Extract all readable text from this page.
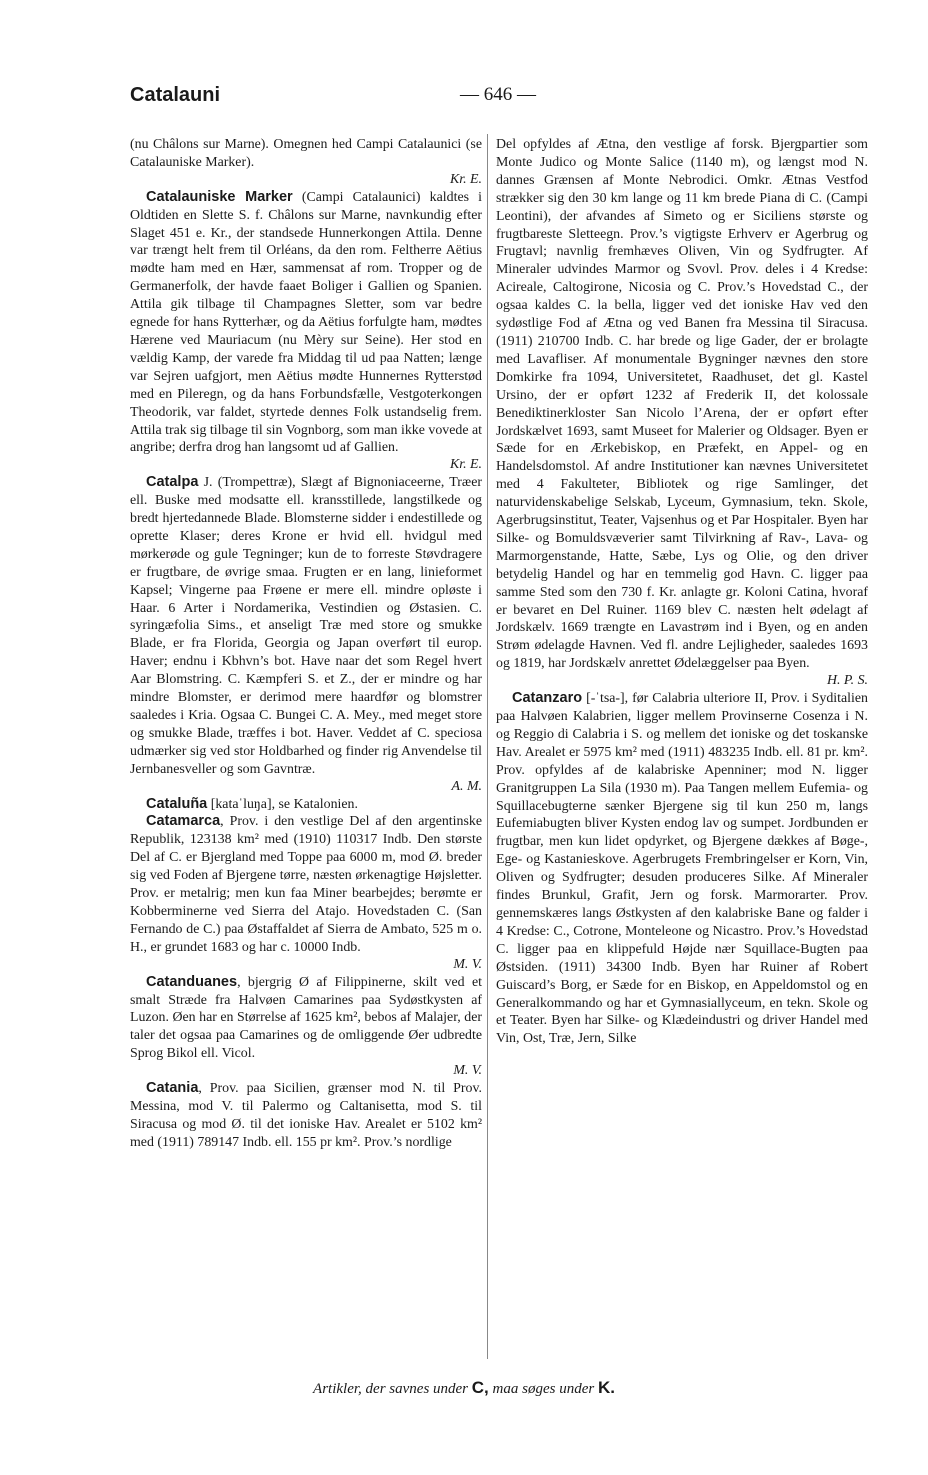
Catalauni	— 646 —

(nu Châlons sur Marne). Omegnen hed Campi Catalaunici (se Catalauniske Marker).
Kr. E.

Catalauniske Marker (Campi Catalaunici) kaldtes i Oldtiden en Slette S. f. Châlons sur Marne, navnkundig efter Slaget 451 e. Kr., der standsede Hunnerkongen Attila. Denne var trængt helt frem til Orléans, da den rom. Feltherre Aëtius mødte ham med en Hær, sammensat af rom. Tropper og de Germanerfolk, der havde faaet Boliger i Gallien og Spanien. Attila gik tilbage til Champagnes Sletter, som var bedre egnede for hans Rytterhær, og da Aëtius forfulgte ham, mødtes Hærene ved Mauriacum (nu Mèry sur Seine). Her stod en vældig Kamp, der varede fra Middag til ud paa Natten; længe var Sejren uafgjort, men Aëtius mødte Hunnernes Rytterstød med en Pileregn, og da hans Forbundsfælle, Vestgoterkongen Theodorik, var faldet, styrtede dennes Folk ustandselig frem. Attila trak sig tilbage til sin Vognborg, som man ikke vovede at angribe; derfra drog han langsomt ud af Gallien.
Kr. E.

Catalpa J. (Trompettræ), Slægt af Bignoniaceerne, Træer ell. Buske med modsatte ell. kransstillede, langstilkede og bredt hjertedannede Blade. Blomsterne sidder i endestillede og oprette Klaser; deres Krone er hvid ell. hvidgul med mørkerøde og gule Tegninger; kun de to forreste Støvdragere er frugtbare, de øvrige smaa. Frugten er en lang, linieformet Kapsel; Vingerne paa Frøene er mere ell. mindre opløste i Haar. 6 Arter i Nordamerika, Vestindien og Østasien. C. syringæfolia Sims., et anseligt Træ med store og smukke Blade, er fra Florida, Georgia og Japan overført til europ. Haver; endnu i Kbhvn’s bot. Have naar det som Regel hvert Aar Blomstring. C. Kæmpferi S. et Z., der er mindre og har mindre Blomster, er derimod mere haardfør og blomstrer saaledes i Kria. Ogsaa C. Bungei C. A. Mey., med meget store og smukke Blade, træffes i bot. Haver. Veddet af C. speciosa udmærker sig ved stor Holdbarhed og finder rig Anvendelse til Jernbanesveller og som Gavntræ.
A. M.

Cataluña [kataˈluŋa], se Katalonien.

Catamarca, Prov. i den vestlige Del af den argentinske Republik, 123138 km² med (1910) 110317 Indb. Den største Del af C. er Bjergland med Toppe paa 6000 m, mod Ø. breder sig ved Foden af Bjergene tørre, næsten ørkenagtige Højsletter. Prov. er metalrig; men kun faa Miner bearbejdes; berømte er Kobberminerne ved Sierra del Atajo. Hovedstaden C. (San Fernando de C.) paa Østaffaldet af Sierra de Ambato, 525 m o. H., er grundet 1683 og har c. 10000 Indb.
M. V.

Catanduanes, bjergrig Ø af Filippinerne, skilt ved et smalt Stræde fra Halvøen Camarines paa Sydøstkysten af Luzon. Øen har en Størrelse af 1625 km², bebos af Malajer, der taler det ogsaa paa Camarines og de omliggende Øer udbredte Sprog Bikol ell. Vicol.
M. V.

Catania, Prov. paa Sicilien, grænser mod N. til Prov. Messina, mod V. til Palermo og Caltanisetta, mod S. til Siracusa og mod Ø. til det ioniske Hav. Arealet er 5102 km² med (1911) 789147 Indb. ell. 155 pr km². Prov.’s nordlige

Del opfyldes af Ætna, den vestlige af forsk. Bjergpartier som Monte Judico og Monte Salice (1140 m), og længst mod N. dannes Grænsen af Monte Nebrodici. Omkr. Ætnas Vestfod strækker sig den 30 km lange og 11 km brede Piana di C. (Campi Leontini), der afvandes af Simeto og er Siciliens største og frugtbareste Sletteegn. Prov.’s vigtigste Erhverv er Agerbrug og Frugtavl; navnlig fremhæves Oliven, Vin og Sydfrugter. Af Mineraler udvindes Marmor og Svovl. Prov. deles i 4 Kredse: Acireale, Caltogirone, Nicosia og C. Prov.’s Hovedstad C., der ogsaa kaldes C. la bella, ligger ved det ioniske Hav ved den sydøstlige Fod af Ætna og ved Banen fra Messina til Siracusa. (1911) 210700 Indb. C. har brede og lige Gader, der er brolagte med Lavafliser. Af monumentale Bygninger nævnes den store Domkirke fra 1094, Universitetet, Raadhuset, det gl. Kastel Ursino, der er opført 1232 af Frederik II, det kolossale Benediktinerkloster San Nicolo l’Arena, der er opført efter Jordskælvet 1693, samt Museet for Malerier og Oldsager. Byen er Sæde for en Ærkebiskop, en Præfekt, en Appel- og en Handelsdomstol. Af andre Institutioner kan nævnes Universitetet med 4 Fakulteter, Bibliotek og rige Samlinger, det naturvidenskabelige Selskab, Lyceum, Gymnasium, tekn. Skole, Agerbrugsinstitut, Teater, Vajsenhus og et Par Hospitaler. Byen har Silke- og Bomuldsvæverier samt Tilvirkning af Rav-, Lava- og Marmorgenstande, Hatte, Sæbe, Lys og Olie, og den driver betydelig Handel og har en temmelig god Havn. C. ligger paa samme Sted som den 730 f. Kr. anlagte gr. Koloni Catina, hvoraf er bevaret en Del Ruiner. 1169 blev C. næsten helt ødelagt af Jordskælv. 1669 trængte en Lavastrøm ind i Byen, og en anden Strøm ødelagde Havnen. Ved fl. andre Lejligheder, saaledes 1693 og 1819, har Jordskælv anrettet Ødelæggelser paa Byen.
H. P. S.

Catanzaro [-ˈtsa-], før Calabria ulteriore II, Prov. i Syditalien paa Halvøen Kalabrien, ligger mellem Provinserne Cosenza i N. og Reggio di Calabria i S. og mellem det ioniske og det toskanske Hav. Arealet er 5975 km² med (1911) 483235 Indb. ell. 81 pr. km². Prov. opfyldes af de kalabriske Apenniner; mod N. ligger Granitgruppen La Sila (1930 m). Paa Tangen mellem Eufemia- og Squillacebugterne sænker Bjergene sig til kun 250 m, langs Eufemiabugten bliver Kysten endog lav og sumpet. Jordbunden er frugtbar, men kun lidet opdyrket, og Bjergene dækkes af Bøge-, Ege- og Kastanieskove. Agerbrugets Frembringelser er Korn, Vin, Oliven og Sydfrugter; desuden produceres Silke. Af Mineraler findes Brunkul, Grafit, Jern og forsk. Marmorarter. Prov. gennemskæres langs Østkysten af den kalabriske Bane og falder i 4 Kredse: C., Cotrone, Monteleone og Nicastro. Prov.’s Hovedstad C. ligger paa en klippefuld Højde nær Squillace-Bugten paa Østsiden. (1911) 34300 Indb. Byen har Ruiner af Robert Guiscard’s Borg, er Sæde for en Biskop, en Appeldomstol og en Generalkommando og har et Gymnasiallyceum, en tekn. Skole og et Teater. Byen har Silke- og Klædeindustri og driver Handel med Vin, Ost, Træ, Jern, Silke

Artikler, der savnes under C, maa søges under K.
